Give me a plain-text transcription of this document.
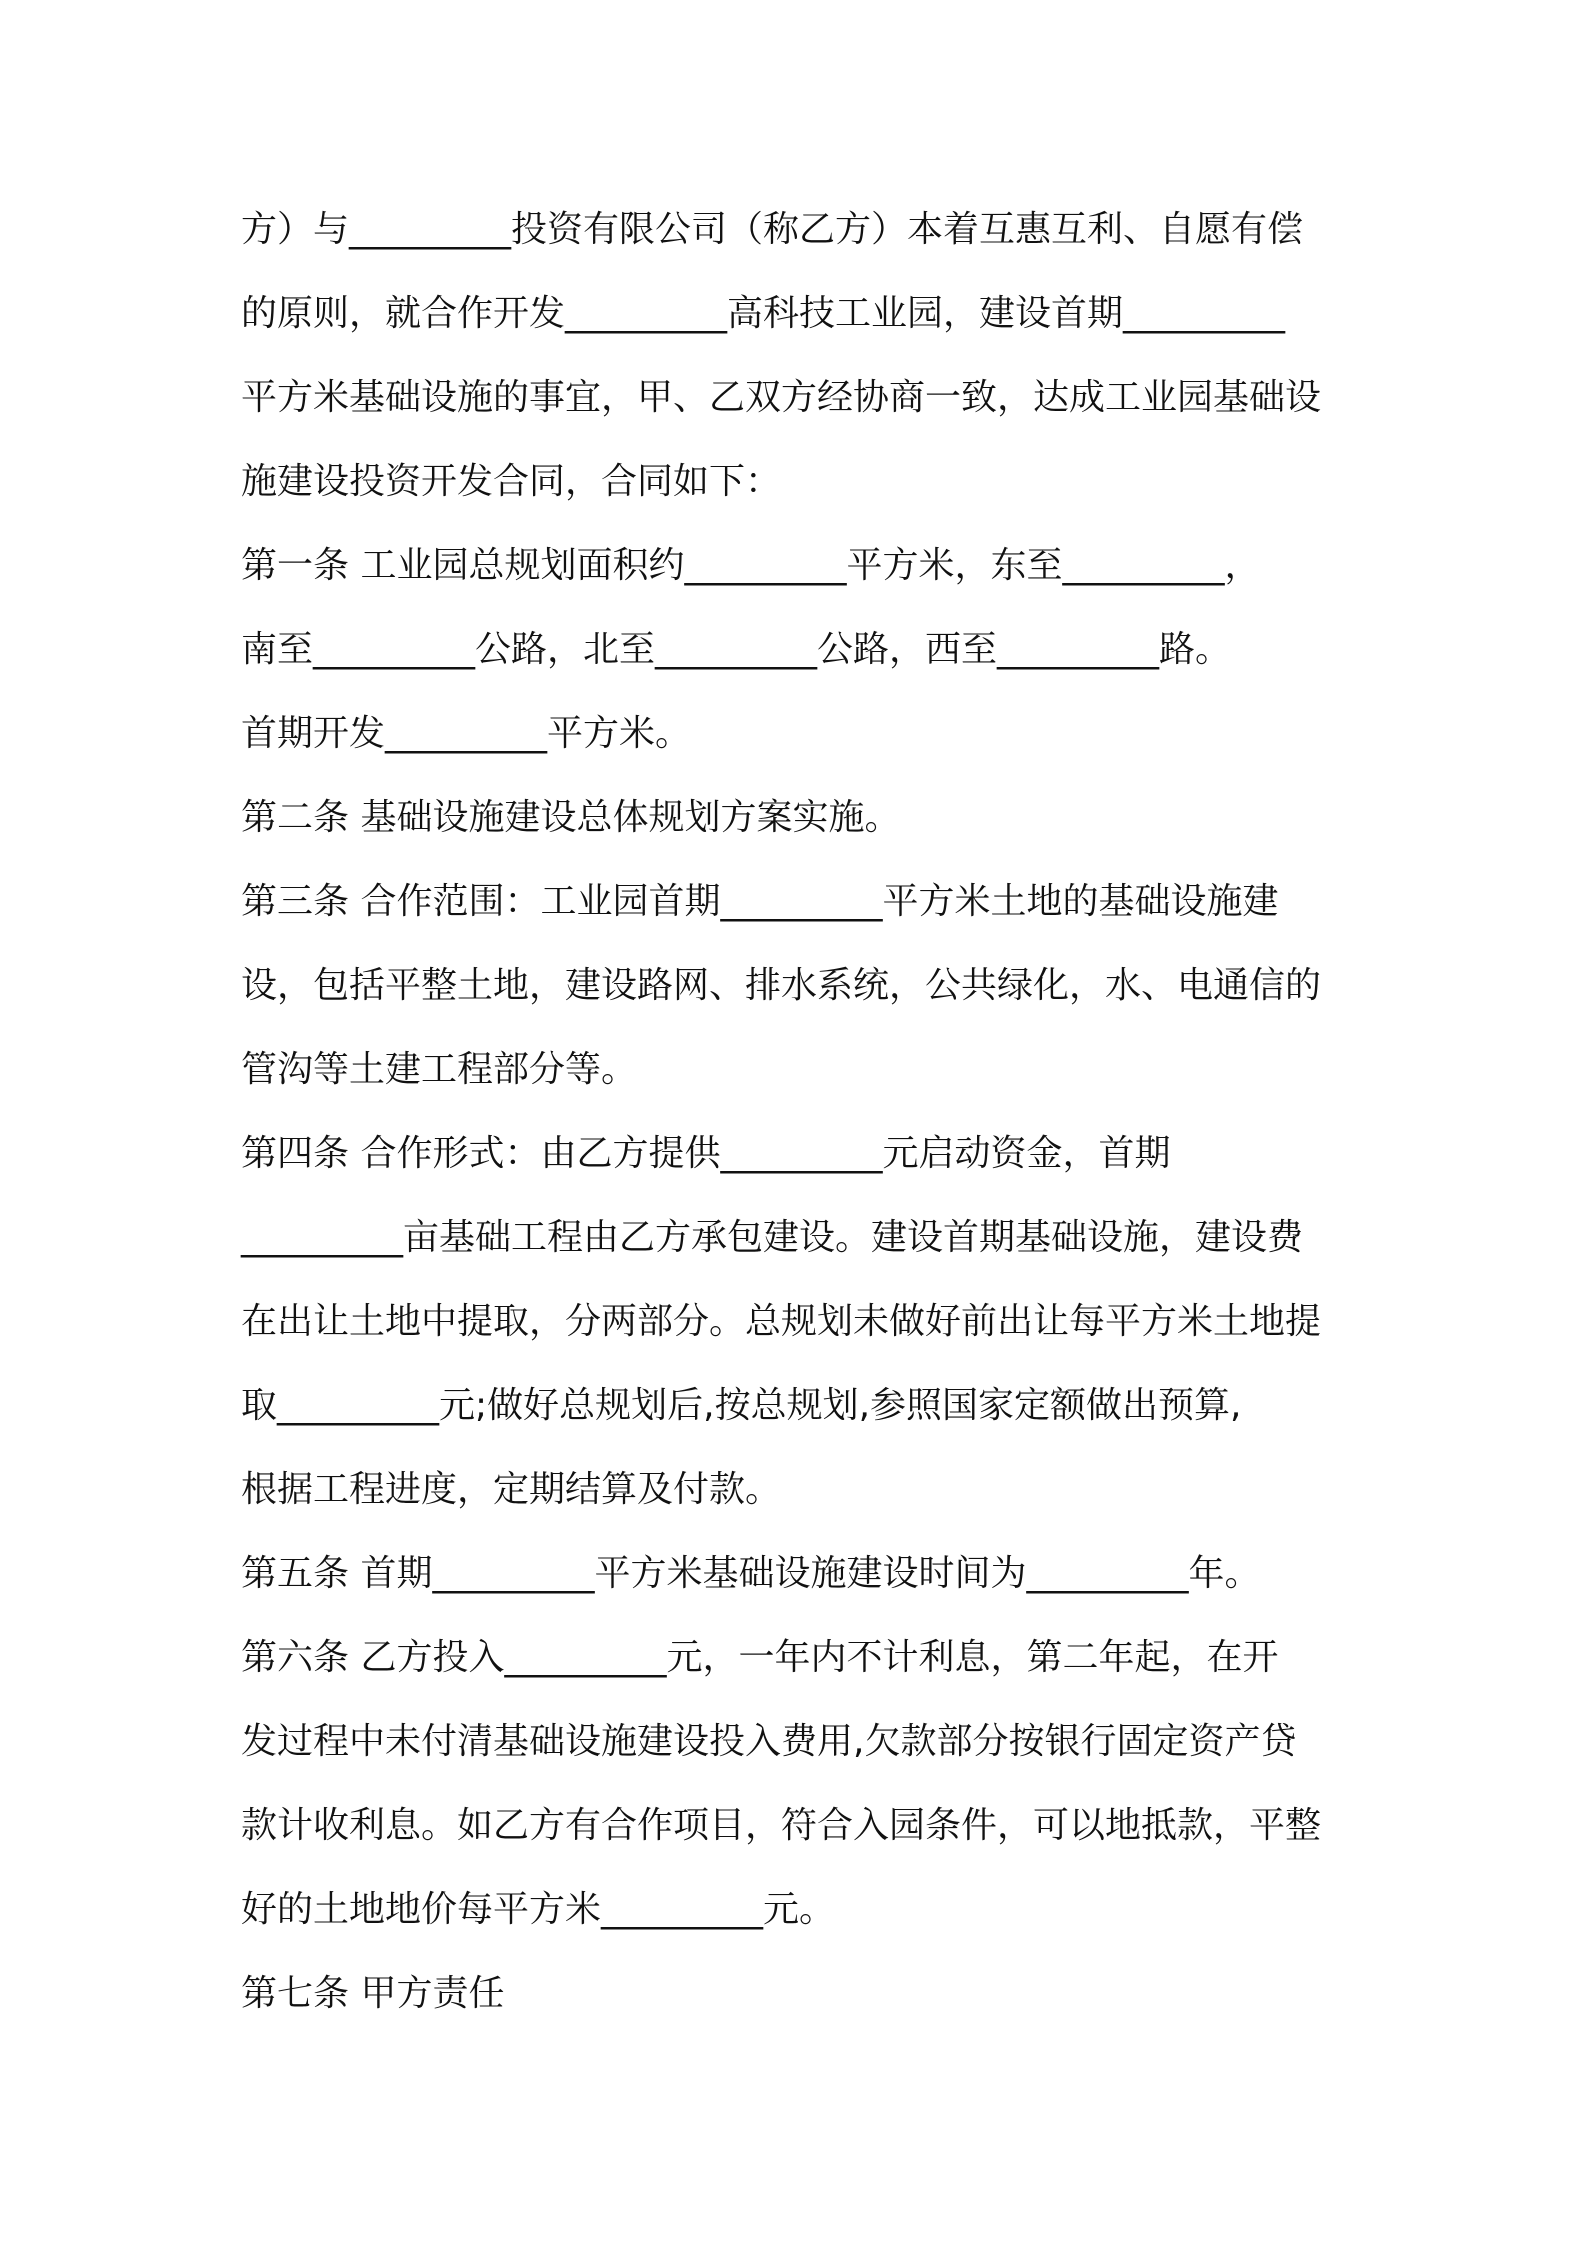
方）与_________投资有限公司（称乙方）本着互惠互利、自愿有偿
的原则，就合作开发_________高科技工业园，建设首期_________
平方米基础设施的事宜，甲、乙双方经协商一致，达成工业园基础设
施建设投资开发合同，合同如下：
第一条 工业园总规划面积约_________平方米，东至_________，
南至_________公路，北至_________公路，西至_________路。
首期开发_________平方米。
第二条 基础设施建设总体规划方案实施。
第三条 合作范围：工业园首期_________平方米土地的基础设施建
设，包括平整土地，建设路网、排水系统，公共绿化，水、电通信的
管沟等土建工程部分等。
第四条 合作形式：由乙方提供_________元启动资金，首期
_________亩基础工程由乙方承包建设。建设首期基础设施，建设费
在出让土地中提取，分两部分。总规划未做好前出让每平方米土地提
取_________元;做好总规划后,按总规划,参照国家定额做出预算,
根据工程进度，定期结算及付款。
第五条 首期_________平方米基础设施建设时间为_________年。
第六条 乙方投入_________元，一年内不计利息，第二年起，在开
发过程中未付清基础设施建设投入费用,欠款部分按银行固定资产贷
款计收利息。如乙方有合作项目，符合入园条件，可以地抵款，平整
好的土地地价每平方米_________元。
第七条 甲方责任
